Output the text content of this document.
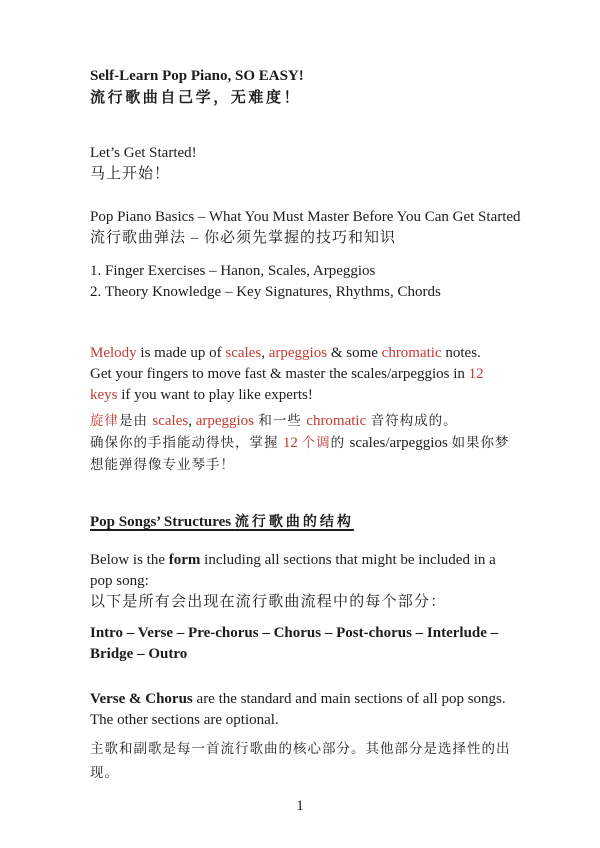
Self-Learn Pop Piano, SO EASY!
流行歌曲自己学，无难度！

Let’s Get Started!

马上开始！

Pop Piano Basics – What You Must Master Before You Can Get Started

流行歌曲弹法 – 你必须先掌握的技巧和知识
1. Finger Exercises – Hanon, Scales, Arpeggios
2. Theory Knowledge – Key Signatures, Rhythms, Chords

Melody is made up of scales, arpeggios & some chromatic notes.
Get your fingers to move fast & master the scales/arpeggios in 12
keys if you want to play like experts!

旋律是由 scales, arpeggios 和一些 chromatic 音符构成的。
确保你的手指能动得快，掌握 12 个调的 scales/arpeggios 如果你梦
想能弹得像专业琴手！

Pop Songs’ Structures 流行歌曲的结构

Below is the form including all sections that might be included in a
pop song:

以下是所有会出现在流行歌曲流程中的每个部分：

Intro – Verse – Pre-chorus – Chorus – Post-chorus – Interlude –
Bridge – Outro

Verse & Chorus are the standard and main sections of all pop songs.
The other sections are optional.

主歌和副歌是每一首流行歌曲的核心部分。其他部分是选择性的出
现。

1
